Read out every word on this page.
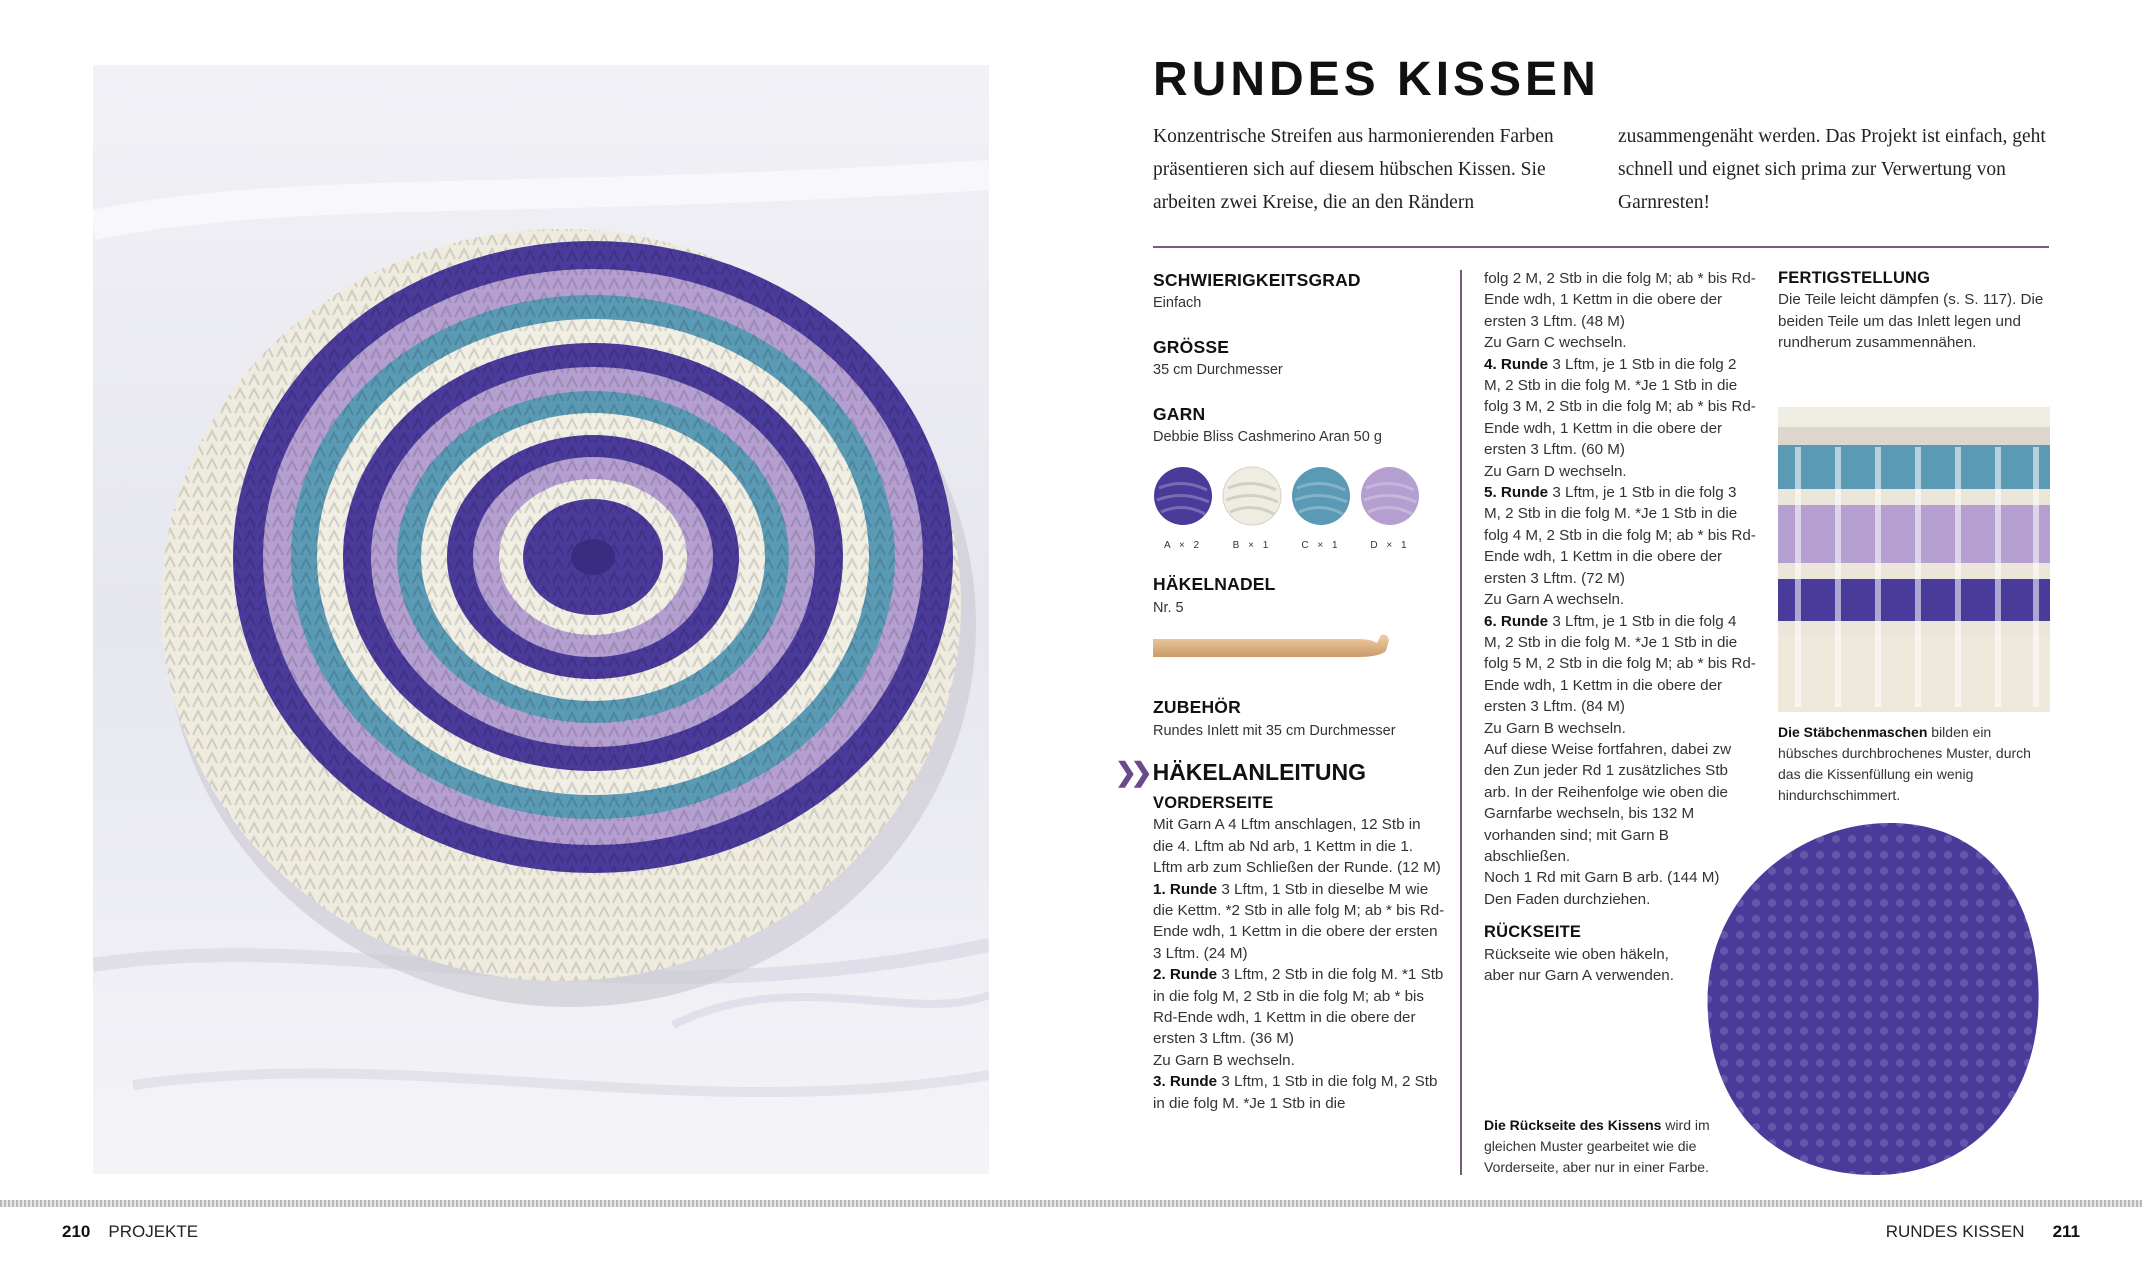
RUNDES KISSEN
Konzentrische Streifen aus harmonierenden Farben präsentieren sich auf diesem hübschen Kissen. Sie arbeiten zwei Kreise, die an den Rändern zusammengenäht werden. Das Projekt ist einfach, geht schnell und eignet sich prima zur Verwertung von Garnresten!
SCHWIERIGKEITSGRAD
Einfach
GRÖSSE
35 cm Durchmesser
GARN
Debbie Bliss Cashmerino Aran 50 g
A × 2	B × 1	C × 1	D × 1
HÄKELNADEL
Nr. 5
ZUBEHÖR
Rundes Inlett mit 35 cm Durchmesser
❯❯ HÄKELANLEITUNG
VORDERSEITE

Mit Garn A 4 Lftm anschlagen, 12 Stb in die 4. Lftm ab Nd arb, 1 Kettm in die 1. Lftm arb zum Schließen der Runde. (12 M)

1. Runde 3 Lftm, 1 Stb in dieselbe M wie die Kettm. *2 Stb in alle folg M; ab * bis Rd-Ende wdh, 1 Kettm in die obere der ersten 3 Lftm. (24 M)

2. Runde 3 Lftm, 2 Stb in die folg M. *1 Stb in die folg M, 2 Stb in die folg M; ab * bis Rd-Ende wdh, 1 Kettm in die obere der ersten 3 Lftm. (36 M)

Zu Garn B wechseln.

3. Runde 3 Lftm, 1 Stb in die folg M, 2 Stb in die folg M. *Je 1 Stb in die

folg 2 M, 2 Stb in die folg M; ab * bis Rd-Ende wdh, 1 Kettm in die obere der ersten 3 Lftm. (48 M)

Zu Garn C wechseln.

4. Runde 3 Lftm, je 1 Stb in die folg 2 M, 2 Stb in die folg M. *Je 1 Stb in die folg 3 M, 2 Stb in die folg M; ab * bis Rd-Ende wdh, 1 Kettm in die obere der ersten 3 Lftm. (60 M)

Zu Garn D wechseln.

5. Runde 3 Lftm, je 1 Stb in die folg 3 M, 2 Stb in die folg M. *Je 1 Stb in die folg 4 M, 2 Stb in die folg M; ab * bis Rd-Ende wdh, 1 Kettm in die obere der ersten 3 Lftm. (72 M)

Zu Garn A wechseln.

6. Runde 3 Lftm, je 1 Stb in die folg 4 M, 2 Stb in die folg M. *Je 1 Stb in die folg 5 M, 2 Stb in die folg M; ab * bis Rd-Ende wdh, 1 Kettm in die obere der ersten 3 Lftm. (84 M)

Zu Garn B wechseln.

Auf diese Weise fortfahren, dabei zw den Zun jeder Rd 1 zusätzliches Stb arb. In der Reihenfolge wie oben die Garnfarbe wechseln, bis 132 M vorhanden sind; mit Garn B abschließen.

Noch 1 Rd mit Garn B arb. (144 M)

Den Faden durchziehen.

RÜCKSEITE

Rückseite wie oben häkeln, aber nur Garn A verwenden.

FERTIGSTELLUNG

Die Teile leicht dämpfen (s. S. 117). Die beiden Teile um das Inlett legen und rundherum zusammennähen.

Die Stäbchenmaschen bilden ein hübsches durchbrochenes Muster, durch das die Kissenfüllung ein wenig hindurchschimmert.
Die Rückseite des Kissens wird im gleichen Muster gearbeitet wie die Vorderseite, aber nur in einer Farbe.
210 PROJEKTE	RUNDES KISSEN 211
